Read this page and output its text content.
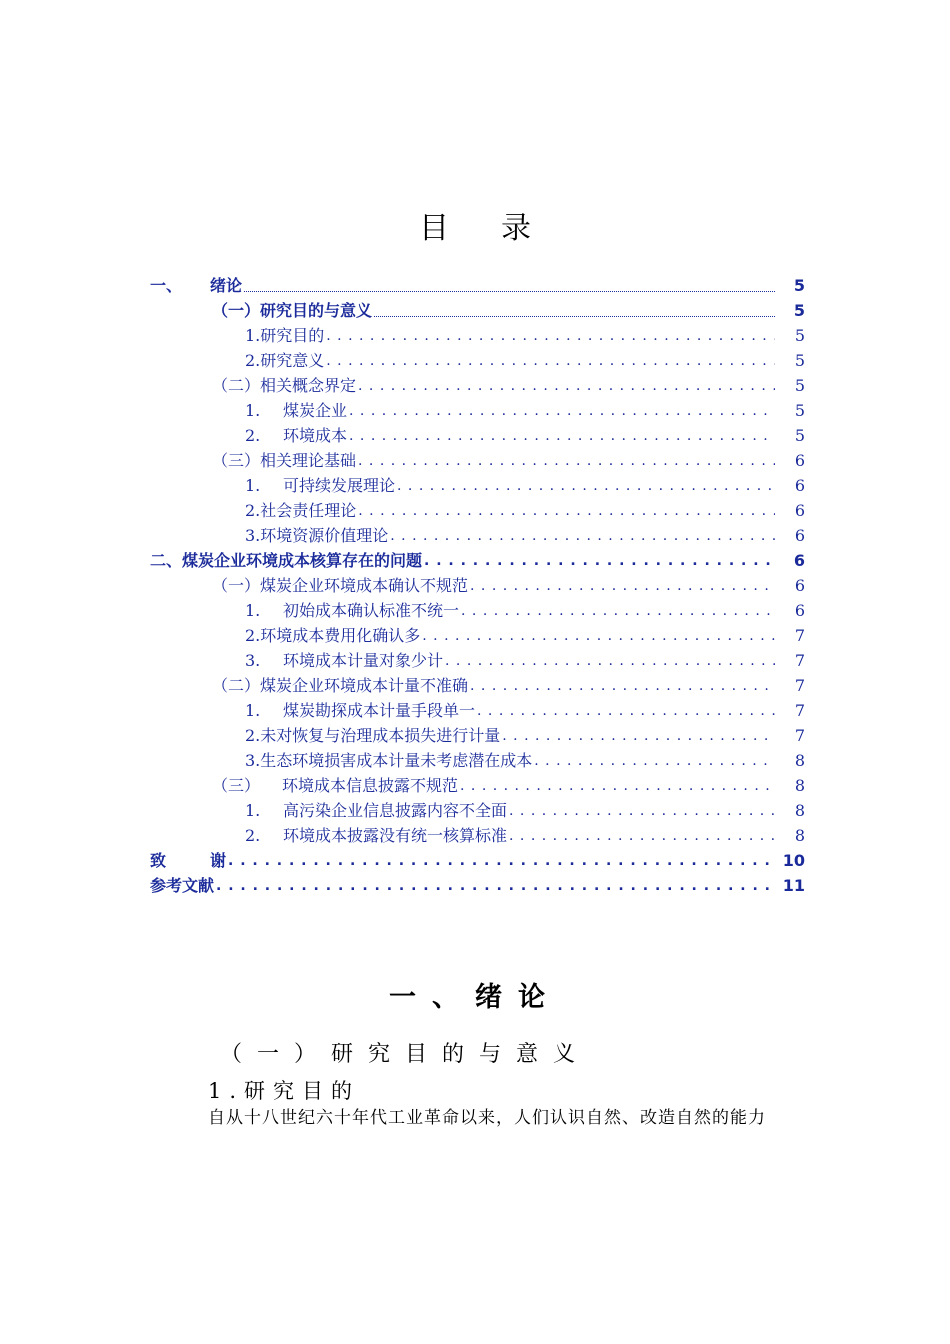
目 录
一、 绪论	5
（一）研究目的与意义	5
1.研究目的 . . .	5
2.研究意义 . . .	5
（二）相关概念界定 . . .	5
1. 煤炭企业 . . .	5
2. 环境成本 . . .	5
（三）相关理论基础 . . .	6
1. 可持续发展理论 . . .	6
2.社会责任理论 . . .	6
3.环境资源价值理论 . . .	6
二、煤炭企业环境成本核算存在的问题 . . .	6
（一）煤炭企业环境成本确认不规范 . . .	6
1. 初始成本确认标准不统一 . . .	6
2.环境成本费用化确认多 . . .	7
3. 环境成本计量对象少计 . . .	7
（二）煤炭企业环境成本计量不准确 . . .	7
1. 煤炭勘探成本计量手段单一 . . .	7
2.未对恢复与治理成本损失进行计量 . . .	7
3.生态环境损害成本计量未考虑潜在成本 . . .	8
（三） 环境成本信息披露不规范 . . .	8
1. 高污染企业信息披露内容不全面 . . .	8
2. 环境成本披露没有统一核算标准 . . .	8
致	谢 . . .	10
参考文献 . . .	11
一、绪论
（一）研究目的与意义
1.研究目的
自从十八世纪六十年代工业革命以来，人们认识自然、改造自然的能力
